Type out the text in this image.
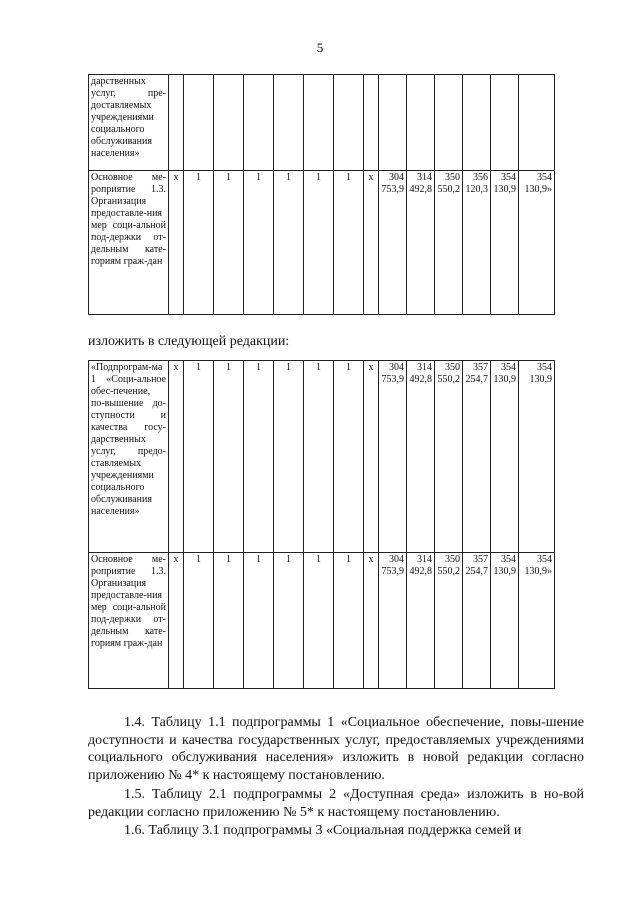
5
дарственных услуг, пре-доставляемых учреждениями социального обслуживания населения»														
Основное ме-роприятие 1.3. Организация предоставле-ния мер соци-альной под-держки от-дельным кате-гориям граж-дан	х	1	1	1	1	1	1	х	304 753,9	314 492,8	350 550,2	356 120,3	354 130,9	354 130,9»
изложить в следующей редакции:
«Подпрограм-ма 1 «Соци-альное обес-печение, по-вышение до-ступности и качества госу-дарственных услуг, предо-ставляемых учреждениями социального обслуживания населения»	х	1	1	1	1	1	1	х	304 753,9	314 492,8	350 550,2	357 254,7	354 130,9	354 130,9
Основное ме-роприятие 1.3. Организация предоставле-ния мер соци-альной под-держки от-дельным кате-гориям граж-дан	х	1	1	1	1	1	1	х	304 753,9	314 492,8	350 550,2	357 254,7	354 130,9	354 130,9»
1.4. Таблицу 1.1 подпрограммы 1 «Социальное обеспечение, повы-шение доступности и качества государственных услуг, предоставляемых учреждениями социального обслуживания населения» изложить в новой редакции согласно приложению № 4* к настоящему постановлению.
1.5. Таблицу 2.1 подпрограммы 2 «Доступная среда» изложить в но-вой редакции согласно приложению № 5* к настоящему постановлению.
1.6. Таблицу 3.1 подпрограммы 3 «Социальная поддержка семей и
